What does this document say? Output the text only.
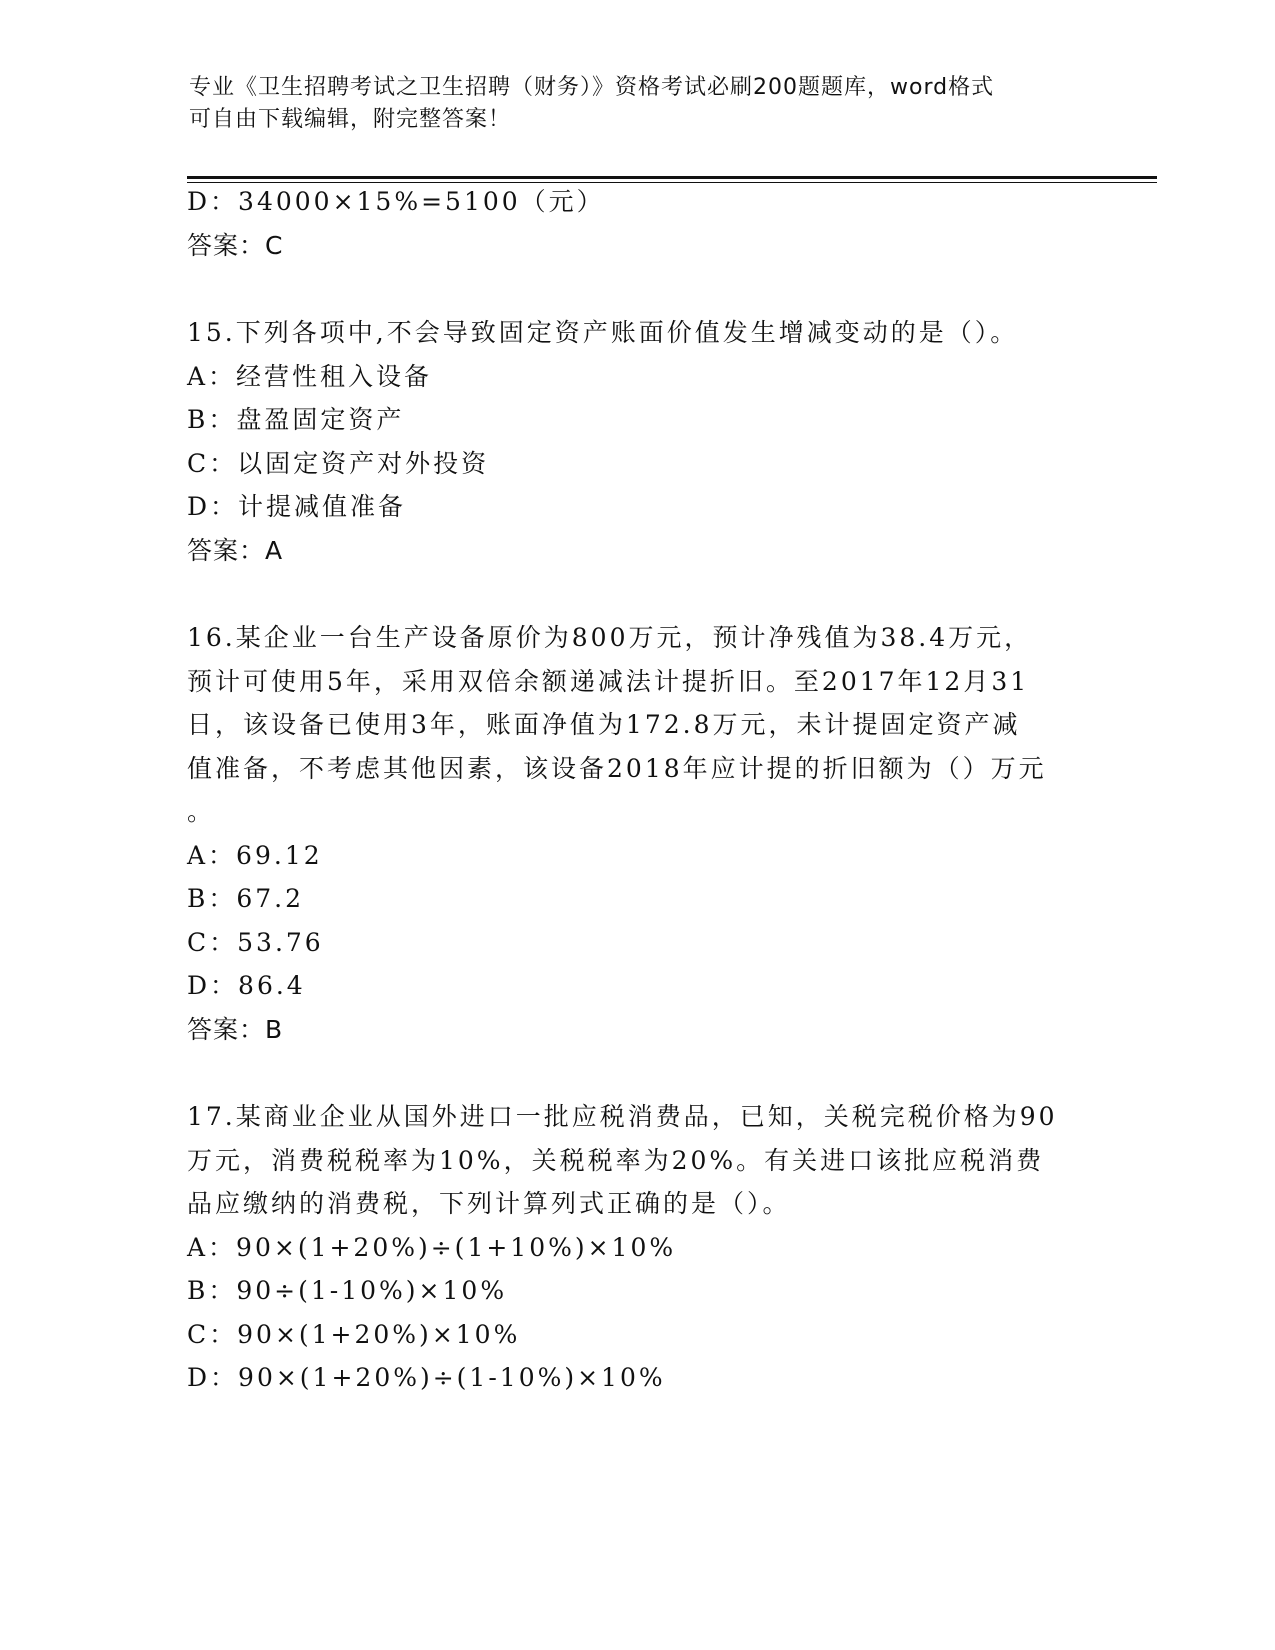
专业《卫生招聘考试之卫生招聘（财务）》资格考试必刷200题题库，word格式

可自由下载编辑，附完整答案！

D：34000×15%=5100（元）

答案：C

15.下列各项中,不会导致固定资产账面价值发生增减变动的是（）。

A：经营性租入设备

B：盘盈固定资产

C：以固定资产对外投资

D：计提减值准备

答案：A

16.某企业一台生产设备原价为800万元，预计净残值为38.4万元，

预计可使用5年，采用双倍余额递减法计提折旧。至2017年12月31

日，该设备已使用3年，账面净值为172.8万元，未计提固定资产减

值准备，不考虑其他因素，该设备2018年应计提的折旧额为（）万元

。

A：69.12

B：67.2

C：53.76

D：86.4

答案：B

17.某商业企业从国外进口一批应税消费品，已知，关税完税价格为90

万元，消费税税率为10%，关税税率为20%。有关进口该批应税消费

品应缴纳的消费税，下列计算列式正确的是（）。

A：90×(1+20%)÷(1+10%)×10%

B：90÷(1-10%)×10%

C：90×(1+20%)×10%

D：90×(1+20%)÷(1-10%)×10%
